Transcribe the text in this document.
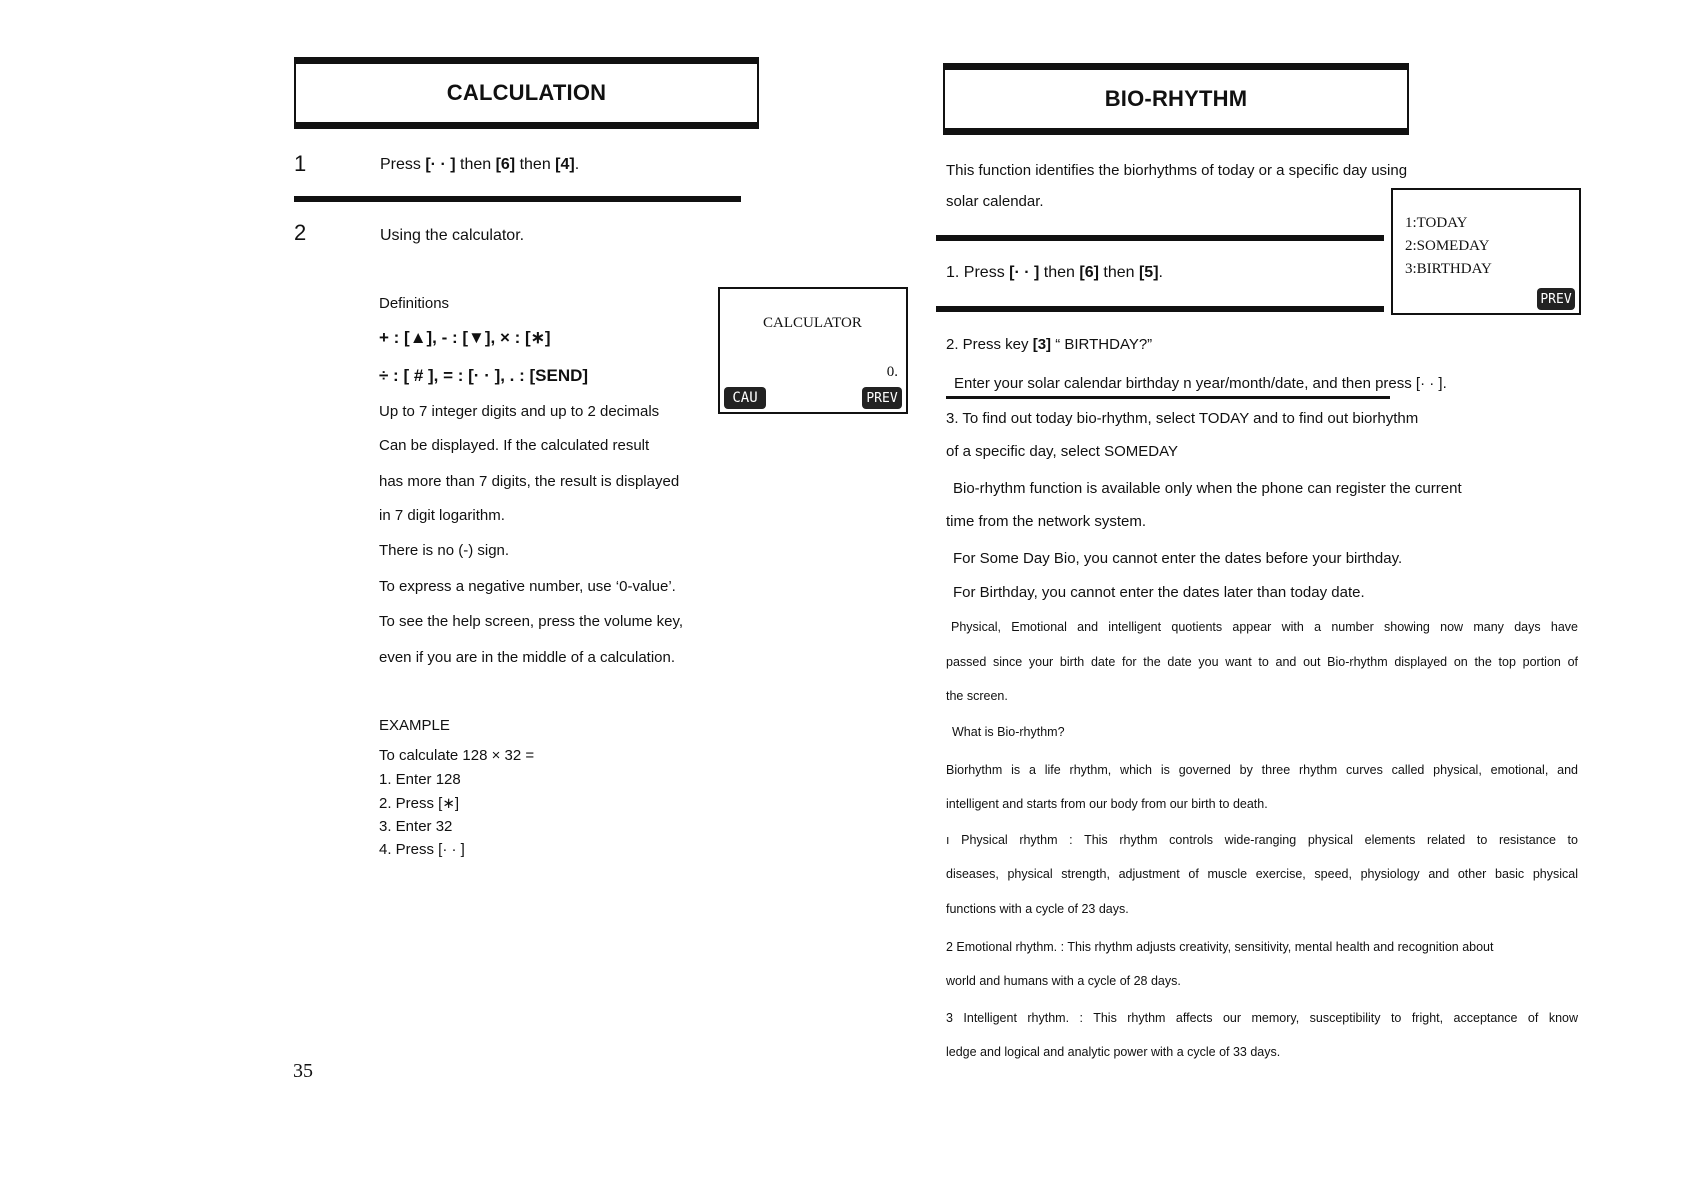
CALCULATION
1	Press [· · ] then [6] then [4].
2	Using the calculator.
Definitions
+ : [▲], - : [▼], × : [∗]
÷ : [ # ], = : [· · ], . : [SEND]
Up to 7 integer digits and up to 2 decimals
Can be displayed. If the calculated result
has more than 7 digits, the result is displayed
in 7 digit logarithm.
There is no (-) sign.
To express a negative number, use ‘0-value’.
To see the help screen, press the volume key,
even if you are in the middle of a calculation.
EXAMPLE
To calculate 128 × 32 =
1. Enter 128
2. Press [∗]
3. Enter 32
4. Press [· · ]
CALCULATOR
0.
CAU	PREV
35
BIO-RHYTHM
This function identifies the biorhythms of today or a specific day using
solar calendar.
1. Press [· · ] then [6] then [5].
1:TODAY
2:SOMEDAY
3:BIRTHDAY
PREV
2. Press key [3] “ BIRTHDAY?”
Enter your solar calendar birthday n year/month/date, and then press [· · ].
3. To find out today bio-rhythm, select TODAY and to find out biorhythm
of a specific day, select SOMEDAY
Bio-rhythm function is available only when the phone can register the current
time from the network system.
For Some Day Bio, you cannot enter the dates before your birthday.
For Birthday, you cannot enter the dates later than today date.
Physical, Emotional and intelligent quotients appear with a number showing now many days have
passed since your birth date for the date you want to and out Bio-rhythm displayed on the top portion of
the screen.
What is Bio-rhythm?
Biorhythm is a life rhythm, which is governed by three rhythm curves called physical, emotional, and
intelligent and starts from our body from our birth to death.
ı Physical rhythm : This rhythm controls wide-ranging physical elements related to resistance to
diseases, physical strength, adjustment of muscle exercise, speed, physiology and other basic physical
functions with a cycle of 23 days.
2 Emotional rhythm. : This rhythm adjusts creativity, sensitivity, mental health and recognition about
world and humans with a cycle of 28 days.
3 Intelligent rhythm. : This rhythm affects our memory, susceptibility to fright, acceptance of know
ledge and logical and analytic power with a cycle of 33 days.
